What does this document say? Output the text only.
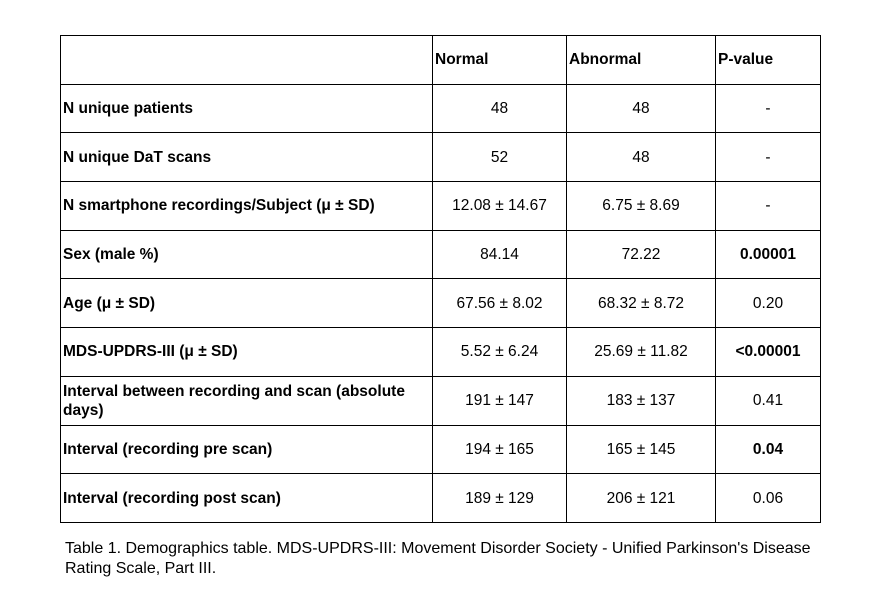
	Normal	Abnormal	P-value
N unique patients	48	48	-
N unique DaT scans	52	48	-
N smartphone recordings/Subject (μ ± SD)	12.08 ± 14.67	6.75 ± 8.69	-
Sex (male %)	84.14	72.22	0.00001
Age (μ ± SD)	67.56 ± 8.02	68.32 ± 8.72	0.20
MDS-UPDRS-III (μ ± SD)	5.52 ± 6.24	25.69 ± 11.82	<0.00001
Interval between recording and scan (absolute days)	191 ± 147	183 ± 137	0.41
Interval (recording pre scan)	194 ± 165	165 ± 145	0.04
Interval (recording post scan)	189 ± 129	206 ± 121	0.06
Table 1. Demographics table. MDS-UPDRS-III: Movement Disorder Society - Unified Parkinson's Disease Rating Scale, Part III.
